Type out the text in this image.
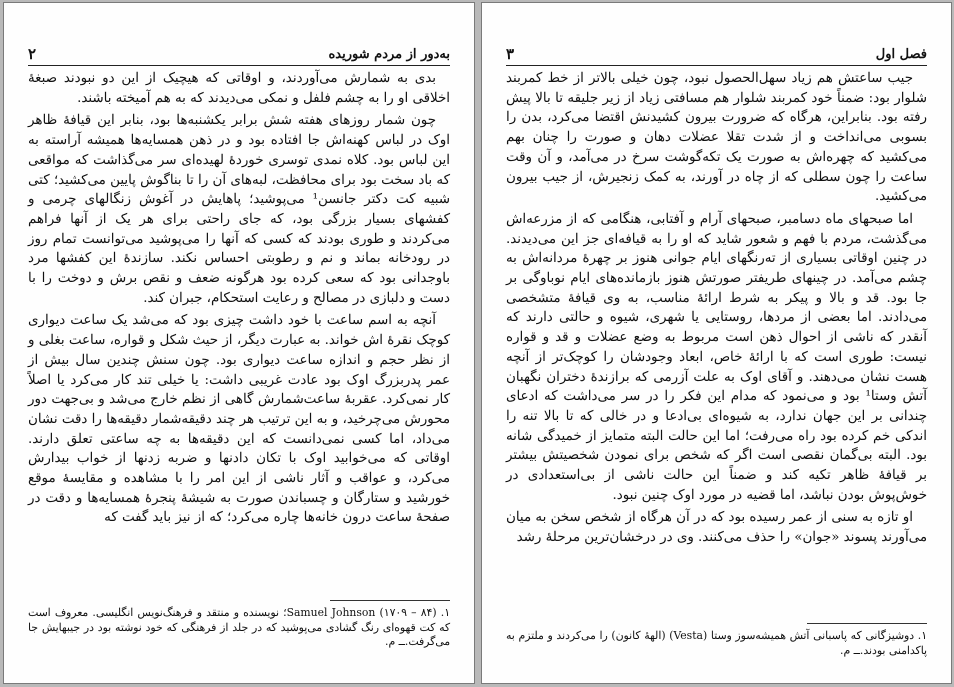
به‌دور از مردم شوریده
۲

بدی به شمارش می‌آوردند، و اوقاتی که هیچیک از این دو نبودند صبغهٔ اخلاقی او را به چشم فلفل و نمکی می‌دیدند که به هم آمیخته باشند.

چون شمار روزهای هفته شش برابر یکشنبه‌ها بود، بنابر این قیافهٔ ظاهر اوک در لباس کهنه‌اش جا افتاده بود و در ذهن همسایه‌ها همیشه آراسته به این لباس بود. کلاه نمدی توسری خوردهٔ لهیده‌ای سر می‌گذاشت که مواقعی که باد سخت بود برای محافظت، لبه‌های آن را تا بناگوش پایین می‌کشید؛ کتی شبیه کت دکتر جانسن¹ می‌پوشید؛ پاهایش در آغوش زنگالهای چرمی و کفشهای بسیار بزرگی بود، که جای راحتی برای هر یک از آنها فراهم می‌کردند و طوری بودند که کسی که آنها را می‌پوشید می‌توانست تمام روز در رودخانه بماند و نم و رطوبتی احساس نکند. سازندهٔ این کفشها مرد باوجدانی بود که سعی کرده بود هرگونه ضعف و نقص برش و دوخت را با دست و دلبازی در مصالح و رعایت استحکام، جبران کند.

آنچه به اسم ساعت با خود داشت چیزی بود که می‌شد یک ساعت دیواری کوچک نقرهٔ اش خواند. به عبارت دیگر، از حیث شکل و قواره، ساعت بغلی و از نظر حجم و اندازه ساعت دیواری بود. چون سنش چندین سال بیش از عمر پدربزرگ اوک بود عادت غریبی داشت: یا خیلی تند کار می‌کرد یا اصلاً کار نمی‌کرد. عقربهٔ ساعت‌شمارش گاهی از نظم خارج می‌شد و بی‌جهت دور محورش می‌چرخید، و به این ترتیب هر چند دقیقه‌شمار دقیقه‌ها را دقت نشان می‌داد، اما کسی نمی‌دانست که این دقیقه‌ها به چه ساعتی تعلق دارند. اوقاتی که می‌خوابید اوک با تکان دادنها و ضربه زدنها از خواب بیدارش می‌کرد، و عواقب و آثار ناشی از این امر را با مشاهده و مقایسهٔ موقع خورشید و ستارگان و چسباندن صورت به شیشهٔ پنجرهٔ همسایه‌ها و دقت در صفحهٔ ساعت درون خانه‌ها چاره می‌کرد؛ که از نیز باید گفت که

۱. Samuel Johnson (۱۷۰۹ – ۸۴)؛ نویسنده و منتقد و فرهنگ‌نویس انگلیسی. معروف است که کت قهوه‌ای رنگ گشادی می‌پوشید که در جلد از فرهنگی که خود نوشته بود در جیبهایش جا می‌گرفت.ــ م.
فصل اول
۳

جیب ساعتش هم زیاد سهل‌الحصول نبود، چون خیلی بالاتر از خط کمربند شلوار بود: ضمناً خود کمربند شلوار هم مسافتی زیاد از زیر جلیقه تا بالا پیش رفته بود. بنابراین، هرگاه که ضرورت بیرون کشیدنش اقتضا می‌کرد، بدن را بسوبی می‌انداخت و از شدت تقلا عضلات دهان و صورت را چنان بهم می‌کشید که چهره‌اش به صورت یک تکه‌گوشت سرخ در می‌آمد، و آن وقت ساعت را چون سطلی که از چاه در آورند، به کمک زنجیرش، از جیب بیرون می‌کشید.

اما صبحهای ماه دسامبر، صبحهای آرام و آفتابی، هنگامی که از مزرعه‌اش می‌گذشت، مردم با فهم و شعور شاید که او را به قیافه‌ای جز این می‌دیدند. در چنین اوقاتی بسیاری از ته‌رنگهای ایام جوانی هنوز بر چهرهٔ مردانه‌اش به چشم می‌آمد. در چینهای طریفتر صورتش هنوز بازمانده‌های ایام نوباوگی بر جا بود. قد و بالا و پیکر به شرط ارائهٔ مناسب، به وی قیافهٔ متشخصی می‌دادند. اما بعضی از مردها، روستایی یا شهری، شیوه و حالتی دارند که آنقدر که ناشی از احوال ذهن است مربوط به وضع عضلات و قد و قواره نیست: طوری است که با ارائهٔ خاص، ابعاد وجودشان را کوچک‌تر از آنچه هست نشان می‌دهند. و آقای اوک به علت آزرمی که برازندهٔ دختران نگهبان آتش وستا¹ بود و می‌نمود که مدام این فکر را در سر می‌داشت که ادعای چندانی بر این جهان ندارد، به شیوه‌ای بی‌ادعا و در خالی که تا بالا تنه را اندکی خم کرده بود راه می‌رفت؛ اما این حالت البته متمایز از خمیدگی شانه بود. البته بی‌گمان نقصی است اگر که شخص برای نمودن شخصیتش بیشتر بر قیافهٔ ظاهر تکیه کند و ضمناً این حالت ناشی از بی‌استعدادی در خوش‌پوش بودن نباشد، اما قضیه در مورد اوک چنین نبود.

او تازه به سنی از عمر رسیده بود که در آن هرگاه از شخص سخن به میان می‌آورند پسوند «جوان» را حذف می‌کنند. وی در درخشان‌ترین مرحلهٔ رشد

۱. دوشیزگانی که پاسبانی آتش همیشه‌سوز وستا (Vesta) (الههٔ کانون) را می‌کردند و ملتزم به پاکدامنی بودند.ــ م.
